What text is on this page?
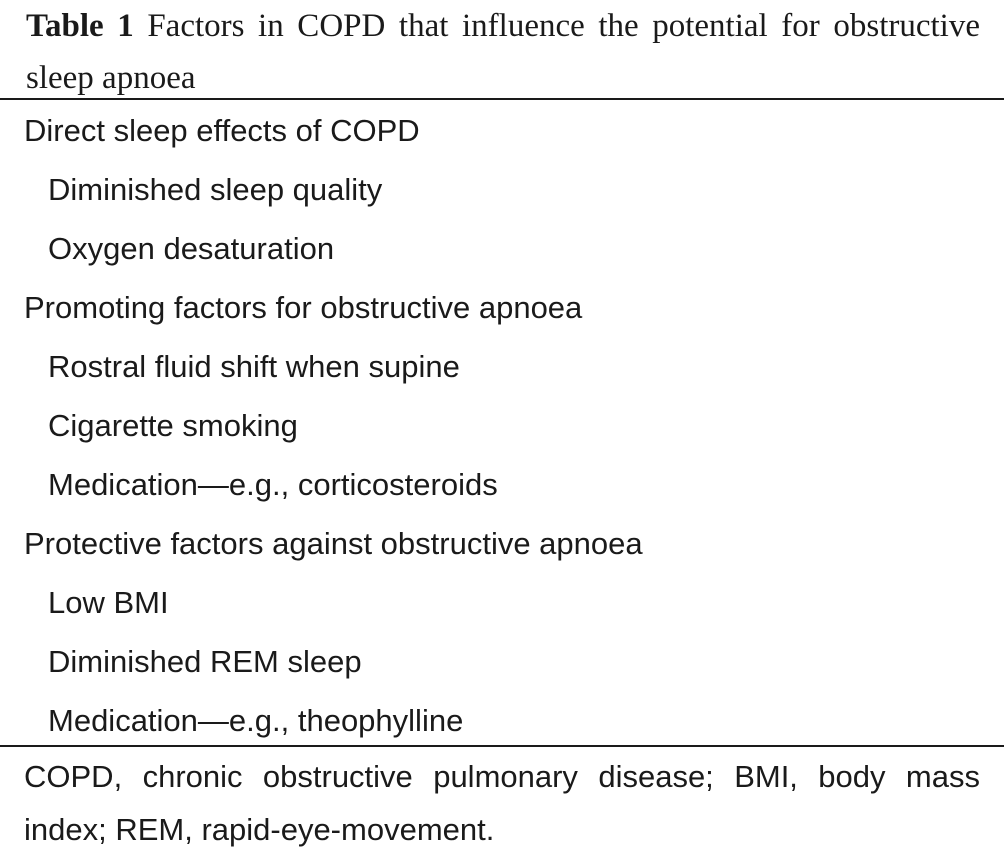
Table 1 Factors in COPD that influence the potential for obstructive sleep apnoea
Direct sleep effects of COPD
Diminished sleep quality
Oxygen desaturation
Promoting factors for obstructive apnoea
Rostral fluid shift when supine
Cigarette smoking
Medication—e.g., corticosteroids
Protective factors against obstructive apnoea
Low BMI
Diminished REM sleep
Medication—e.g., theophylline
COPD, chronic obstructive pulmonary disease; BMI, body mass index; REM, rapid-eye-movement.
